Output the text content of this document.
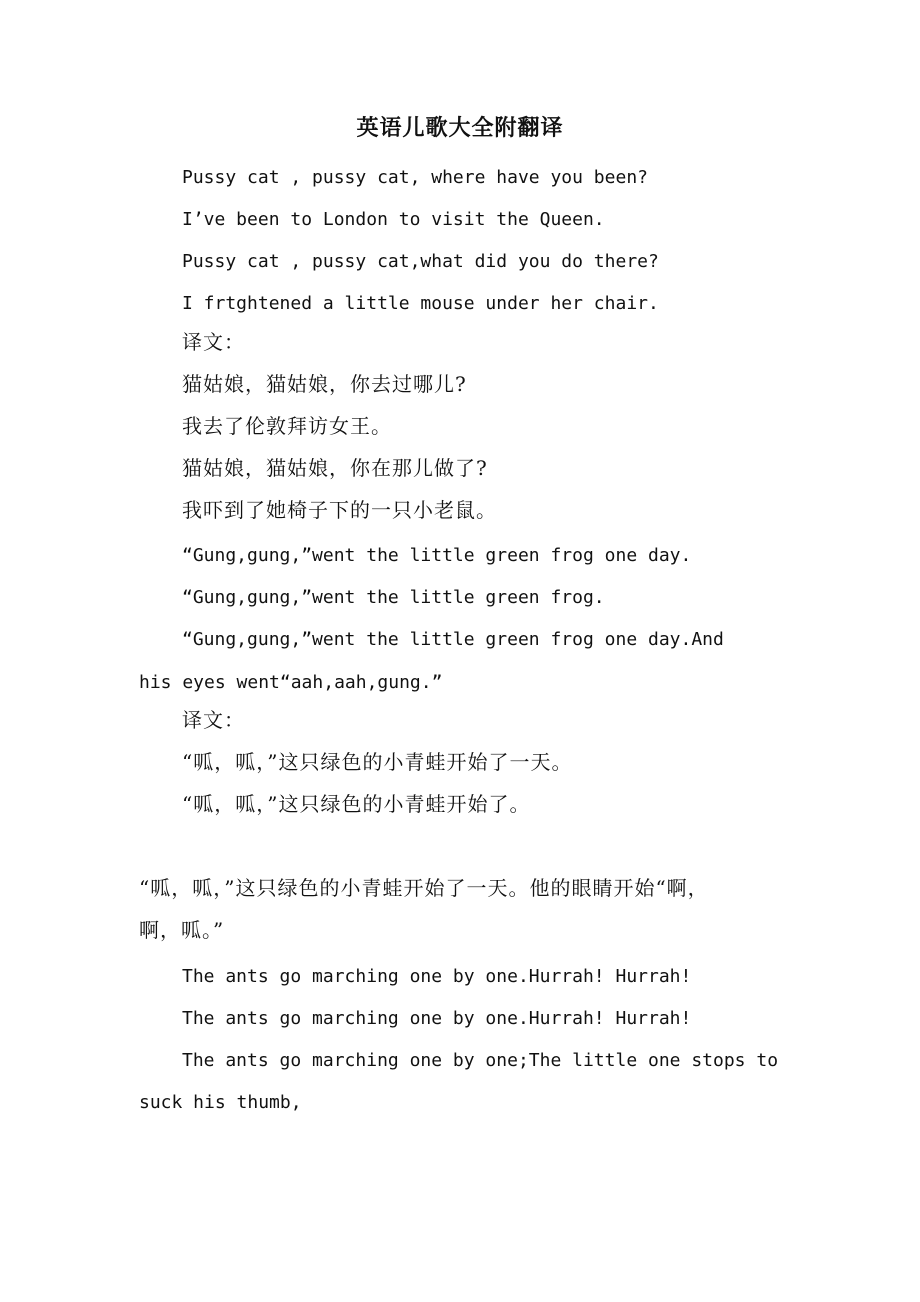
英语儿歌大全附翻译
Pussy cat , pussy cat, where have you been?
I’ve been to London to visit the Queen.
Pussy cat , pussy cat,what did you do there?
I frtghtened a little mouse under her chair.
译文：
猫姑娘，猫姑娘，你去过哪儿?
我去了伦敦拜访女王。
猫姑娘，猫姑娘，你在那儿做了?
我吓到了她椅子下的一只小老鼠。
“Gung,gung,”went the little green frog one day.
“Gung,gung,”went the little green frog.
“Gung,gung,”went the little green frog one day.And
his eyes went“aah,aah,gung.”
译文：
“呱，呱，”这只绿色的小青蛙开始了一天。
“呱，呱，”这只绿色的小青蛙开始了。
“呱，呱，”这只绿色的小青蛙开始了一天。他的眼睛开始“啊，
啊，呱。”
The ants go marching one by one.Hurrah! Hurrah!
The ants go marching one by one.Hurrah! Hurrah!
The ants go marching one by one;The little one stops to
suck his thumb,
